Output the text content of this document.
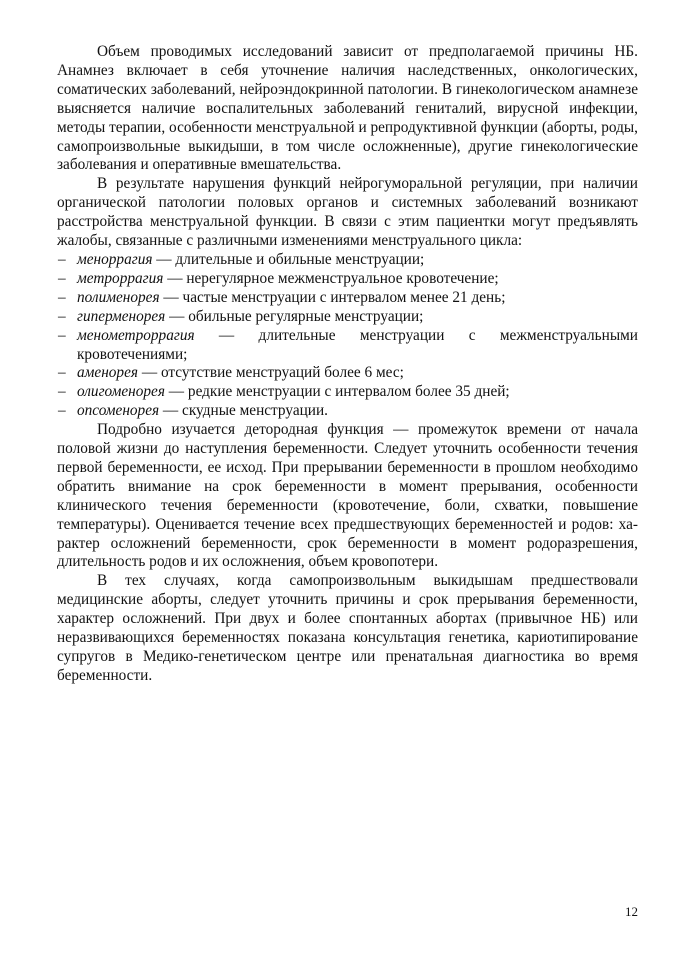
Объем проводимых исследований зависит от предполагаемой причины НБ. Анамнез включает в себя уточнение наличия наследственных, онкологических, соматических заболеваний, нейроэндокринной патологии. В гинекологическом анамнезе выясняется наличие воспалительных заболеваний гениталий, вирусной инфекции, методы терапии, особенности менструальной и репродуктивной функции (аборты, роды, самопроизвольные выкидыши, в том числе осложненные), другие гинекологические заболевания и оперативные вмешательства.

В результате нарушения функций нейрогуморальной регуляции, при наличии органической патологии половых органов и системных заболеваний возникают расстройства менструальной функции. В связи с этим пациентки могут предъявлять жалобы, связанные с различными изменениями менструального цикла:

– меноррагия — длительные и обильные менструации;
– метроррагия — нерегулярное межменструальное кровотечение;
– полименорея — частые менструации с интервалом менее 21 день;
– гиперменорея — обильные регулярные менструации;
– менометроррагия — длительные менструации с межменструальными кровотечениями;
– аменорея — отсутствие менструаций более 6 мес;
– олигоменорея — редкие менструации с интервалом более 35 дней;
– опсоменорея — скудные менструации.

Подробно изучается детородная функция — промежуток времени от начала половой жизни до наступления беременности. Следует уточнить особенности течения первой беременности, ее исход. При прерывании беременности в прошлом необходимо обратить внимание на срок беременности в момент прерывания, особенности клинического течения беременности (кровотечение, боли, схватки, повышение температуры). Оценивается течение всех предшествующих беременностей и родов: характер осложнений беременности, срок беременности в момент родоразрешения, длительность родов и их осложнения, объем кровопотери.

В тех случаях, когда самопроизвольным выкидышам предшествовали медицинские аборты, следует уточнить причины и срок прерывания беременности, характер осложнений. При двух и более спонтанных абортах (привычное НБ) или неразвивающихся беременностях показана консультация генетика, кариотипирование супругов в Медико-генетическом центре или пренатальная диагностика во время беременности.

12
